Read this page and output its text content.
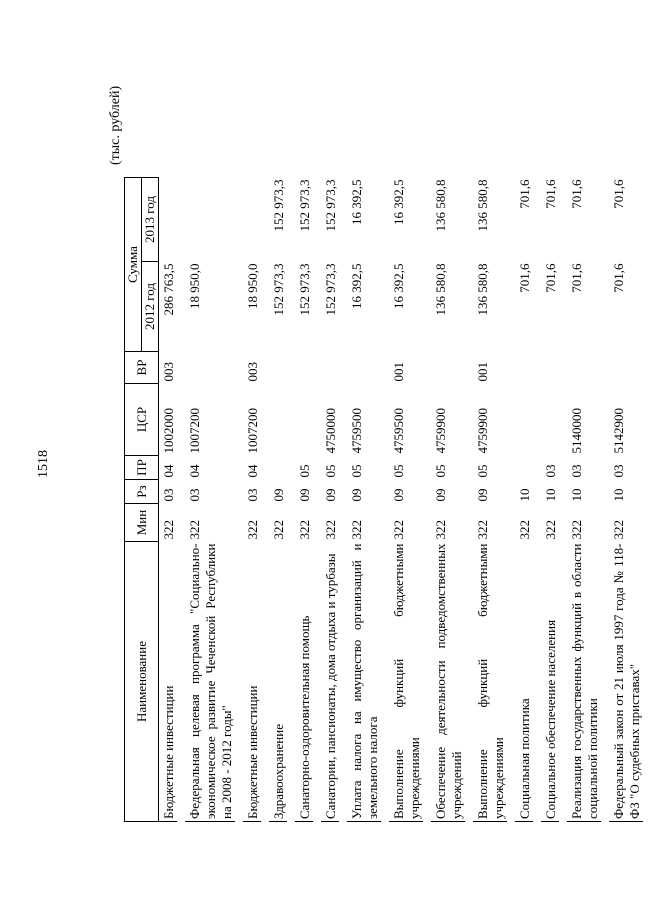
1518
(тыс. рублей)
Наименование	Мин	Рз	ПР	ЦСР	ВР	Сумма	
						2012 год	2013 год
Бюджетные инвестиции	322	03	04	1002000	003	286 763,5	

Федеральная целевая программа "Социально-экономическое развитие Чеченской Республики на 2008 - 2012 годы"	322	03	04	1007200		18 950,0	

Бюджетные инвестиции	322	03	04	1007200	003	18 950,0	

Здравоохранение	322	09				152 973,3	152 973,3

Санаторно-оздоровительная помощь	322	09	05			152 973,3	152 973,3

Санатории, пансионаты, дома отдыха и турбазы	322	09	05	4750000		152 973,3	152 973,3

Уплата налога на имущество организаций и земельного налога	322	09	05	4759500		16 392,5	16 392,5

Выполнение функций бюджетными учреждениями	322	09	05	4759500	001	16 392,5	16 392,5

Обеспечение деятельности подведомственных учреждений	322	09	05	4759900		136 580,8	136 580,8

Выполнение функций бюджетными учреждениями	322	09	05	4759900	001	136 580,8	136 580,8

Социальная политика	322	10				701,6	701,6

Социальное обеспечение населения	322	10	03			701,6	701,6

Реализация государственных функций в области социальной политики	322	10	03	5140000		701,6	701,6

Федеральный закон от 21 июля 1997 года № 118-ФЗ "О судебных приставах"	322	10	03	5142900		701,6	701,6
